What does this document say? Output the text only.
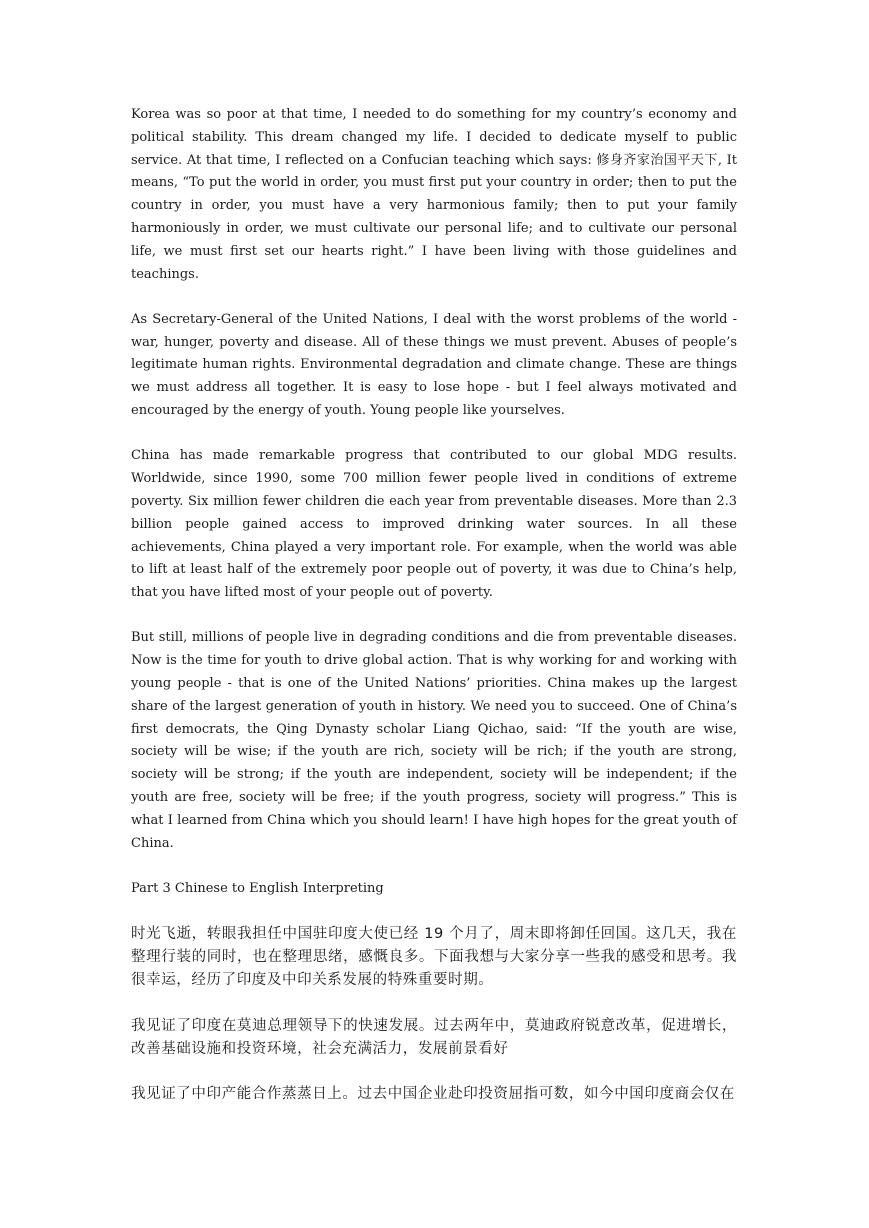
Korea was so poor at that time, I needed to do something for my country’s economy and political stability. This dream changed my life. I decided to dedicate myself to public service. At that time, I reflected on a Confucian teaching which says: 修身齐家治国平天下, It means, “To put the world in order, you must first put your country in order; then to put the country in order, you must have a very harmonious family; then to put your family harmoniously in order, we must cultivate our personal life; and to cultivate our personal life, we must first set our hearts right.” I have been living with those guidelines and teachings.

As Secretary-General of the United Nations, I deal with the worst problems of the world - war, hunger, poverty and disease. All of these things we must prevent. Abuses of people’s legitimate human rights. Environmental degradation and climate change. These are things we must address all together. It is easy to lose hope - but I feel always motivated and encouraged by the energy of youth. Young people like yourselves.

China has made remarkable progress that contributed to our global MDG results. Worldwide, since 1990, some 700 million fewer people lived in conditions of extreme poverty. Six million fewer children die each year from preventable diseases. More than 2.3 billion people gained access to improved drinking water sources. In all these achievements, China played a very important role. For example, when the world was able to lift at least half of the extremely poor people out of poverty, it was due to China’s help, that you have lifted most of your people out of poverty.

But still, millions of people live in degrading conditions and die from preventable diseases. Now is the time for youth to drive global action. That is why working for and working with young people - that is one of the United Nations’ priorities. China makes up the largest share of the largest generation of youth in history. We need you to succeed. One of China’s first democrats, the Qing Dynasty scholar Liang Qichao, said: “If the youth are wise, society will be wise; if the youth are rich, society will be rich; if the youth are strong, society will be strong; if the youth are independent, society will be independent; if the youth are free, society will be free; if the youth progress, society will progress.” This is what I learned from China which you should learn! I have high hopes for the great youth of China.

Part 3 Chinese to English Interpreting

时光飞逝，转眼我担任中国驻印度大使已经 19 个月了，周末即将卸任回国。这几天，我在整理行装的同时，也在整理思绪，感慨良多。下面我想与大家分享一些我的感受和思考。我很幸运，经历了印度及中印关系发展的特殊重要时期。

我见证了印度在莫迪总理领导下的快速发展。过去两年中，莫迪政府锐意改革，促进增长，改善基础设施和投资环境，社会充满活力，发展前景看好

我见证了中印产能合作蒸蒸日上。过去中国企业赴印投资屈指可数，如今中国印度商会仅在
